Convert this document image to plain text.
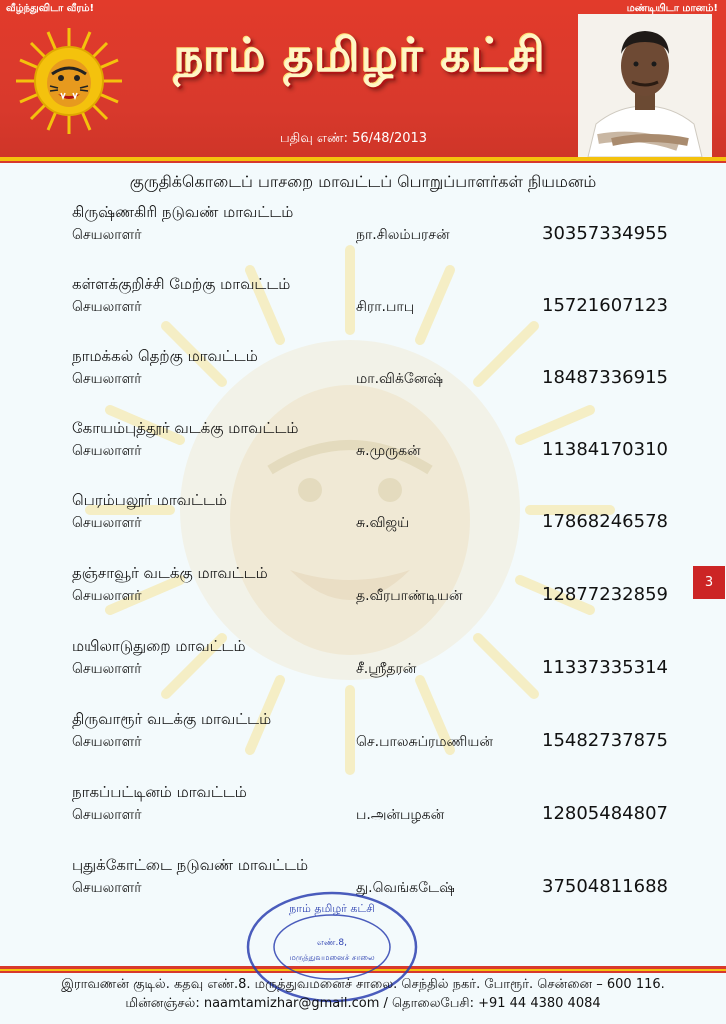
வீழ்ந்துவிடா வீரம்!	மண்டியிடா மானம்!
நாம் தமிழர் கட்சி
பதிவு எண்: 56/48/2013
குருதிக்கொடைப் பாசறை மாவட்டப் பொறுப்பாளர்கள் நியமனம்
கிருஷ்ணகிரி நடுவண் மாவட்டம்
செயலாளர்	நா.சிலம்பரசன்	30357334955
கள்ளக்குறிச்சி மேற்கு மாவட்டம்
செயலாளர்	சிரா.பாபு	15721607123
நாமக்கல் தெற்கு மாவட்டம்
செயலாளர்	மா.விக்னேஷ்	18487336915
கோயம்புத்தூர் வடக்கு மாவட்டம்
செயலாளர்	சு.முருகன்	11384170310
பெரம்பலூர் மாவட்டம்
செயலாளர்	சு.விஜய்	17868246578
தஞ்சாவூர் வடக்கு மாவட்டம்
செயலாளர்	த.வீரபாண்டியன்	12877232859
மயிலாடுதுறை மாவட்டம்
செயலாளர்	சீ.ஸ்ரீதரன்	11337335314
திருவாரூர் வடக்கு மாவட்டம்
செயலாளர்	செ.பாலசுப்ரமணியன்	15482737875
நாகப்பட்டினம் மாவட்டம்
செயலாளர்	ப.அன்பழகன்	12805484807
புதுக்கோட்டை நடுவண் மாவட்டம்
செயலாளர்	து.வெங்கடேஷ்	37504811688
3
நாம் தமிழர் கட்சி
எண்.8,
மருத்துவமனைச் சாலை
இராவணன் குடில். கதவு எண்.8. மருத்துவமனைச் சாலை. செந்தில் நகர். போரூர். சென்னை – 600 116.
மின்னஞ்சல்: naamtamizhar@gmail.com / தொலைபேசி: +91 44 4380 4084
